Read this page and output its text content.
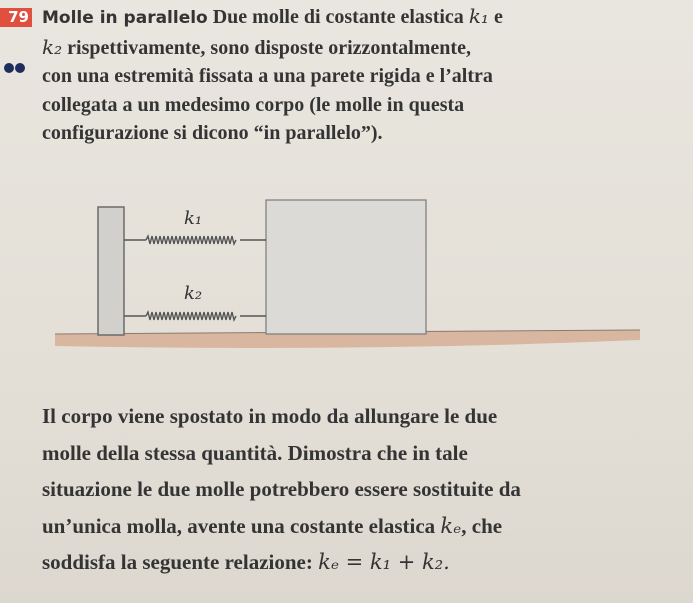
79 Molle in parallelo Due molle di costante elastica k₁ e
k₂ rispettivamente, sono disposte orizzontalmente,
con una estremità fissata a una parete rigida e l’altra
collegata a un medesimo corpo (le molle in questa
configurazione si dicono “in parallelo”).

k₁
k₂

Il corpo viene spostato in modo da allungare le due
molle della stessa quantità. Dimostra che in tale
situazione le due molle potrebbero essere sostituite da
un’unica molla, avente una costante elastica kₑ, che
soddisfa la seguente relazione: kₑ = k₁ + k₂.
